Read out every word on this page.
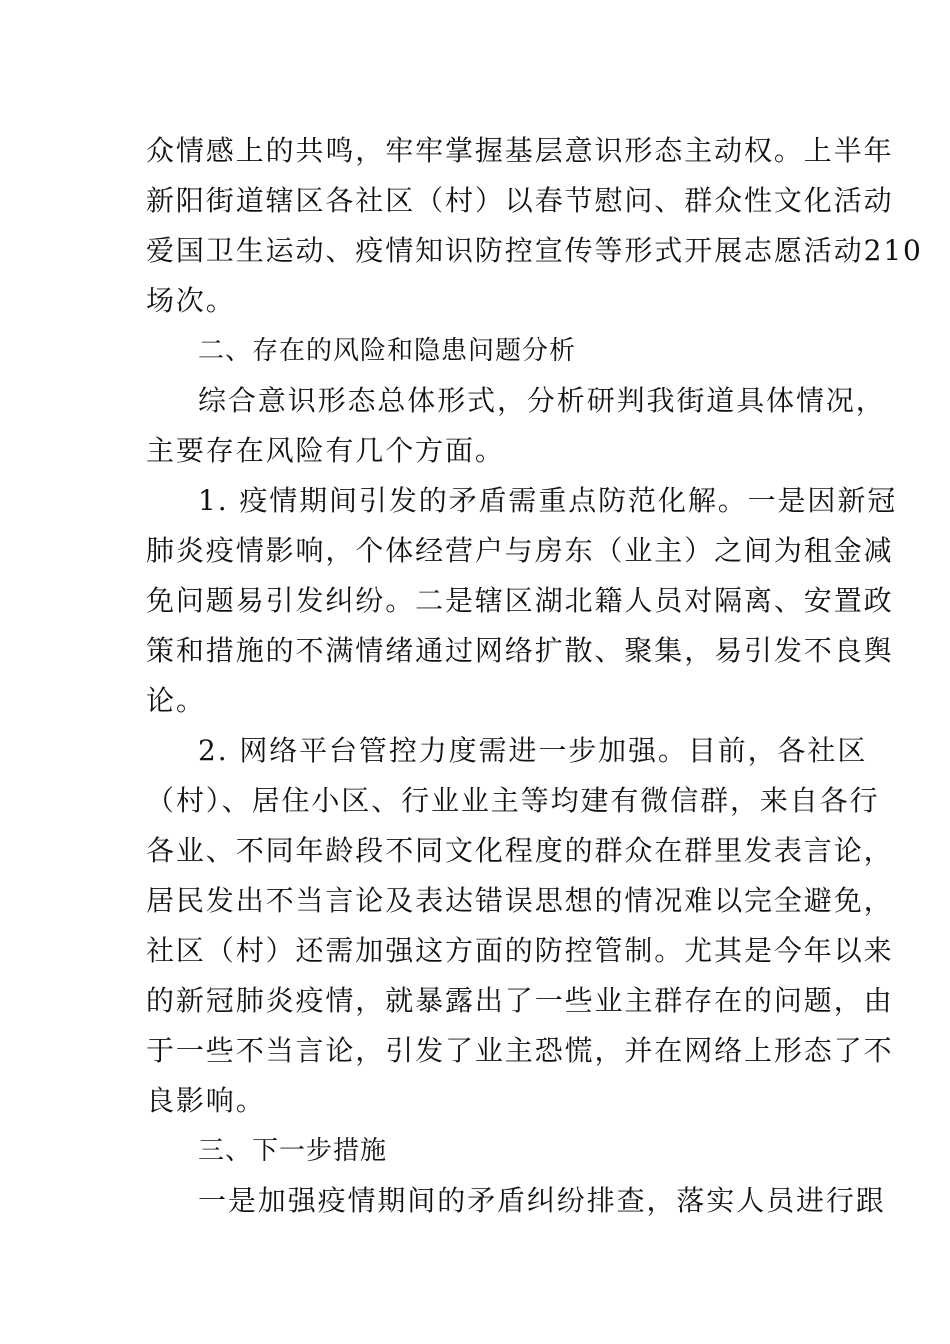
众情感上的共鸣，牢牢掌握基层意识形态主动权。上半年
新阳街道辖区各社区（村）以春节慰问、群众性文化活动
爱国卫生运动、疫情知识防控宣传等形式开展志愿活动210
场次。
二、存在的风险和隐患问题分析
综合意识形态总体形式，分析研判我街道具体情况，
主要存在风险有几个方面。
1. 疫情期间引发的矛盾需重点防范化解。一是因新冠
肺炎疫情影响，个体经营户与房东（业主）之间为租金减
免问题易引发纠纷。二是辖区湖北籍人员对隔离、安置政
策和措施的不满情绪通过网络扩散、聚集，易引发不良舆
论。
2. 网络平台管控力度需进一步加强。目前，各社区
（村）、居住小区、行业业主等均建有微信群，来自各行
各业、不同年龄段不同文化程度的群众在群里发表言论，
居民发出不当言论及表达错误思想的情况难以完全避免，
社区（村）还需加强这方面的防控管制。尤其是今年以来
的新冠肺炎疫情，就暴露出了一些业主群存在的问题，由
于一些不当言论，引发了业主恐慌，并在网络上形态了不
良影响。
三、下一步措施
一是加强疫情期间的矛盾纠纷排查，落实人员进行跟
